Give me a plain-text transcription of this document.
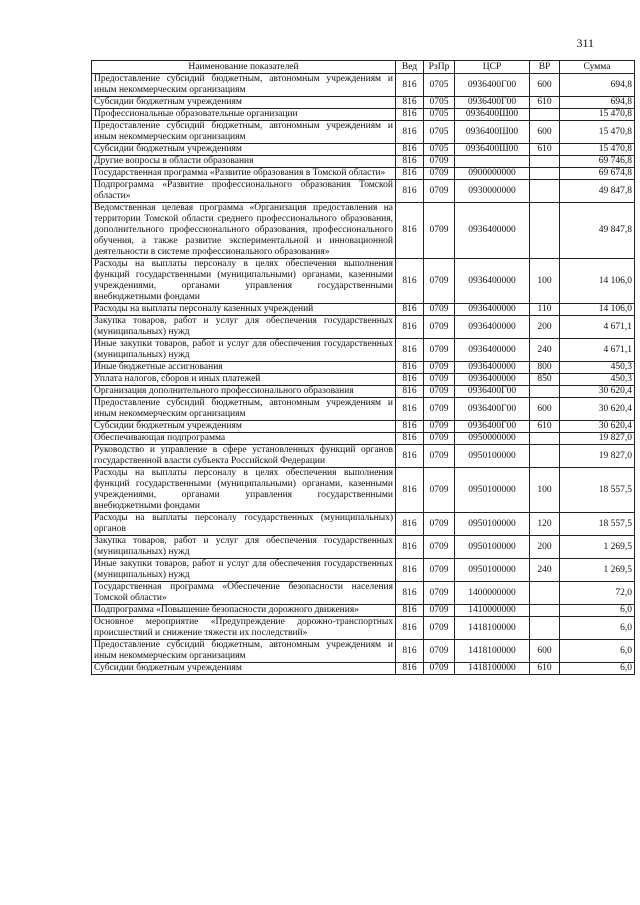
311
Наименование показателей	Вед	РзПр	ЦСР	ВР	Сумма
Предоставление субсидий бюджетным, автономным учреждениям и иным некоммерческим организациям	816	0705	0936400Г00	600	694,8
Субсидии бюджетным учреждениям	816	0705	0936400Г00	610	694,8
Профессиональные образовательные организации	816	0705	0936400Ш00		15 470,8
Предоставление субсидий бюджетным, автономным учреждениям и иным некоммерческим организациям	816	0705	0936400Ш00	600	15 470,8
Субсидии бюджетным учреждениям	816	0705	0936400Ш00	610	15 470,8
Другие вопросы в области образования	816	0709			69 746,8
Государственная программа «Развитие образования в Томской области»	816	0709	0900000000		69 674,8
Подпрограмма «Развитие профессионального образования Томской области»	816	0709	0930000000		49 847,8
Ведомственная целевая программа «Организация предоставления на территории Томской области среднего профессионального образования, дополнительного профессионального образования, профессионального обучения, а также развитие экспериментальной и инновационной деятельности в системе профессионального образования»	816	0709	0936400000		49 847,8
Расходы на выплаты персоналу в целях обеспечения выполнения функций государственными (муниципальными) органами, казенными учреждениями, органами управления государственными внебюджетными фондами	816	0709	0936400000	100	14 106,0
Расходы на выплаты персоналу казенных учреждений	816	0709	0936400000	110	14 106,0
Закупка товаров, работ и услуг для обеспечения государственных (муниципальных) нужд	816	0709	0936400000	200	4 671,1
Иные закупки товаров, работ и услуг для обеспечения государственных (муниципальных) нужд	816	0709	0936400000	240	4 671,1
Иные бюджетные ассигнования	816	0709	0936400000	800	450,3
Уплата налогов, сборов и иных платежей	816	0709	0936400000	850	450,3
Организация дополнительного профессионального образования	816	0709	0936400Г00		30 620,4
Предоставление субсидий бюджетным, автономным учреждениям и иным некоммерческим организациям	816	0709	0936400Г00	600	30 620,4
Субсидии бюджетным учреждениям	816	0709	0936400Г00	610	30 620,4
Обеспечивающая подпрограмма	816	0709	0950000000		19 827,0
Руководство и управление в сфере установленных функций органов государственной власти субъекта Российской Федерации	816	0709	0950100000		19 827,0
Расходы на выплаты персоналу в целях обеспечения выполнения функций государственными (муниципальными) органами, казенными учреждениями, органами управления государственными внебюджетными фондами	816	0709	0950100000	100	18 557,5
Расходы на выплаты персоналу государственных (муниципальных) органов	816	0709	0950100000	120	18 557,5
Закупка товаров, работ и услуг для обеспечения государственных (муниципальных) нужд	816	0709	0950100000	200	1 269,5
Иные закупки товаров, работ и услуг для обеспечения государственных (муниципальных) нужд	816	0709	0950100000	240	1 269,5
Государственная программа «Обеспечение безопасности населения Томской области»	816	0709	1400000000		72,0
Подпрограмма «Повышение безопасности дорожного движения»	816	0709	1410000000		6,0
Основное мероприятие «Предупреждение дорожно-транспортных происшествий и снижение тяжести их последствий»	816	0709	1418100000		6,0
Предоставление субсидий бюджетным, автономным учреждениям и иным некоммерческим организациям	816	0709	1418100000	600	6,0
Субсидии бюджетным учреждениям	816	0709	1418100000	610	6,0
